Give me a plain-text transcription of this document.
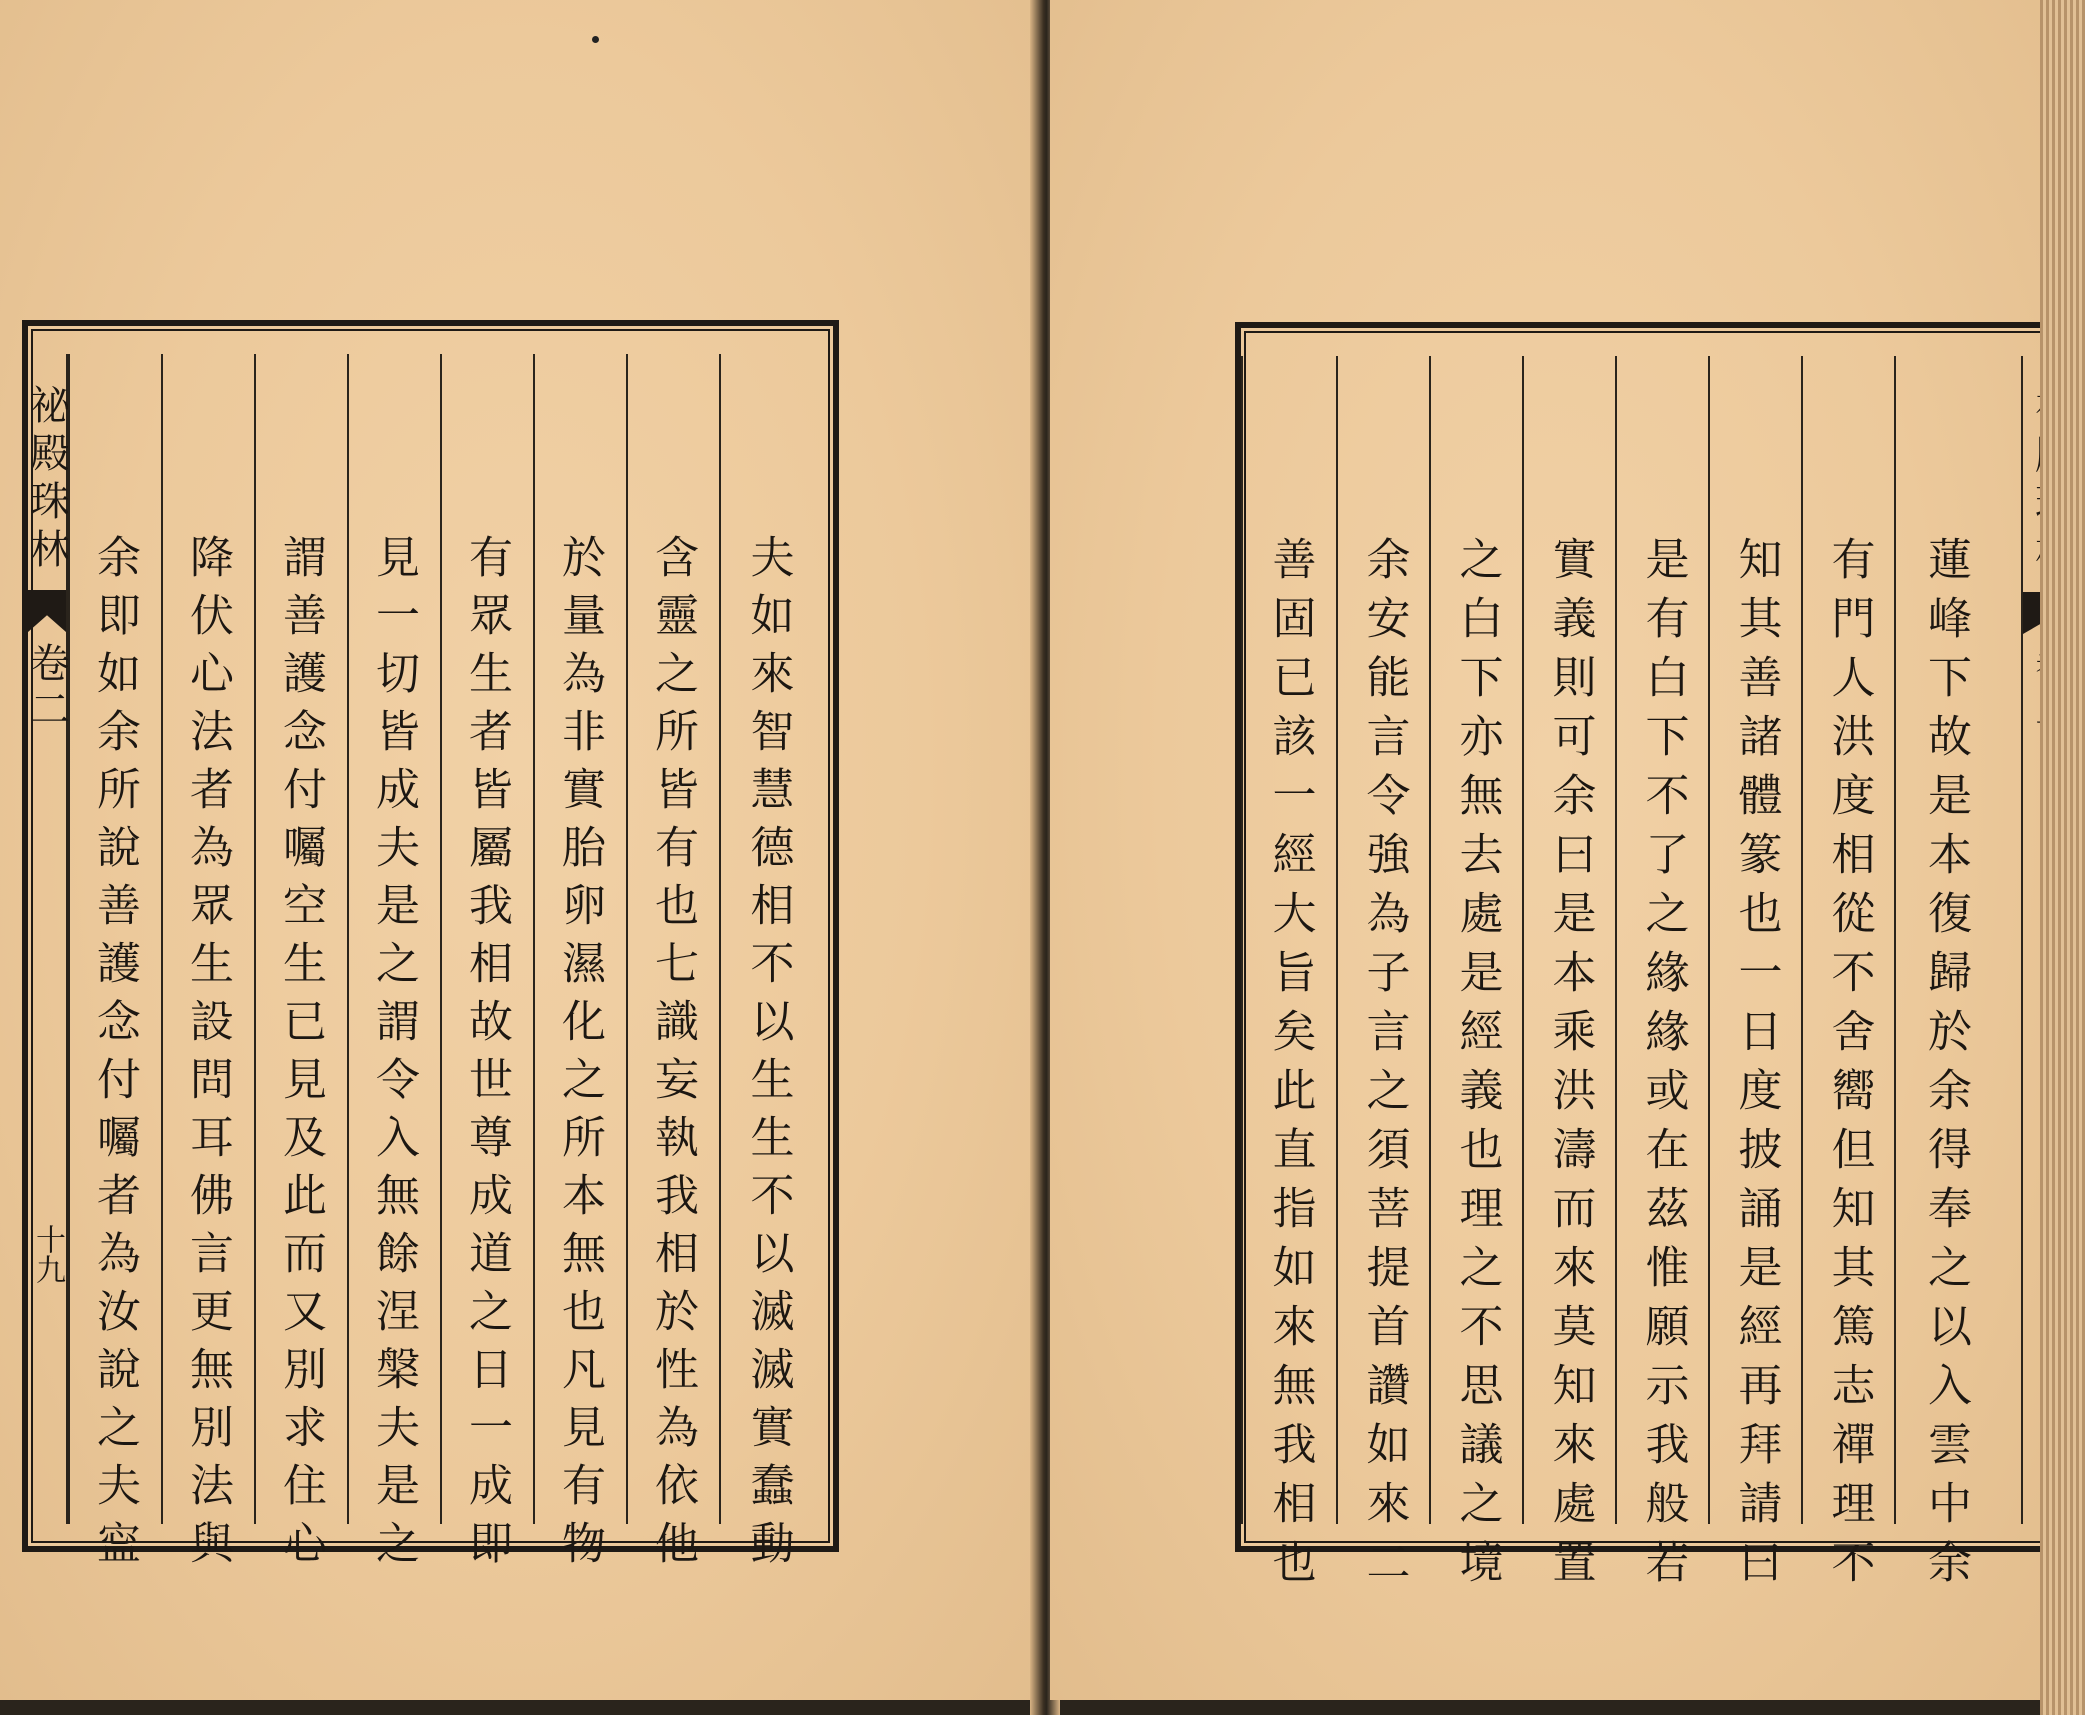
祕殿珠林
卷二
十九 余即如余所說善護念付囑者為汝說之夫寍 降伏心法者為眾生設問耳佛言更無別法與 謂善護念付囑空生已見及此而又別求住心 見一切皆成夫是之謂令入無餘涅槃夫是之 有眾生者皆屬我相故世尊成道之日一成即 於量為非實胎卵濕化之所本無也凡見有物 含靈之所皆有也七識妄執我相於性為依他 夫如來智慧德相不以生生不以滅滅實蠢動	善固已該一經大旨矣此直指如來無我相也 余安能言令強為子言之須菩提首讚如來二 之白下亦無去處是經義也理之不思議之境 實義則可余曰是本乘洪濤而來莫知來處置 是有白下不了之緣緣或在茲惟願示我般若 知其善諸體篆也一日度披誦是經再拜請曰 有門人洪度相從不舍嚮但知其篤志禪理不 蓮峰下故是本復歸於余得奉之以入雲中余
